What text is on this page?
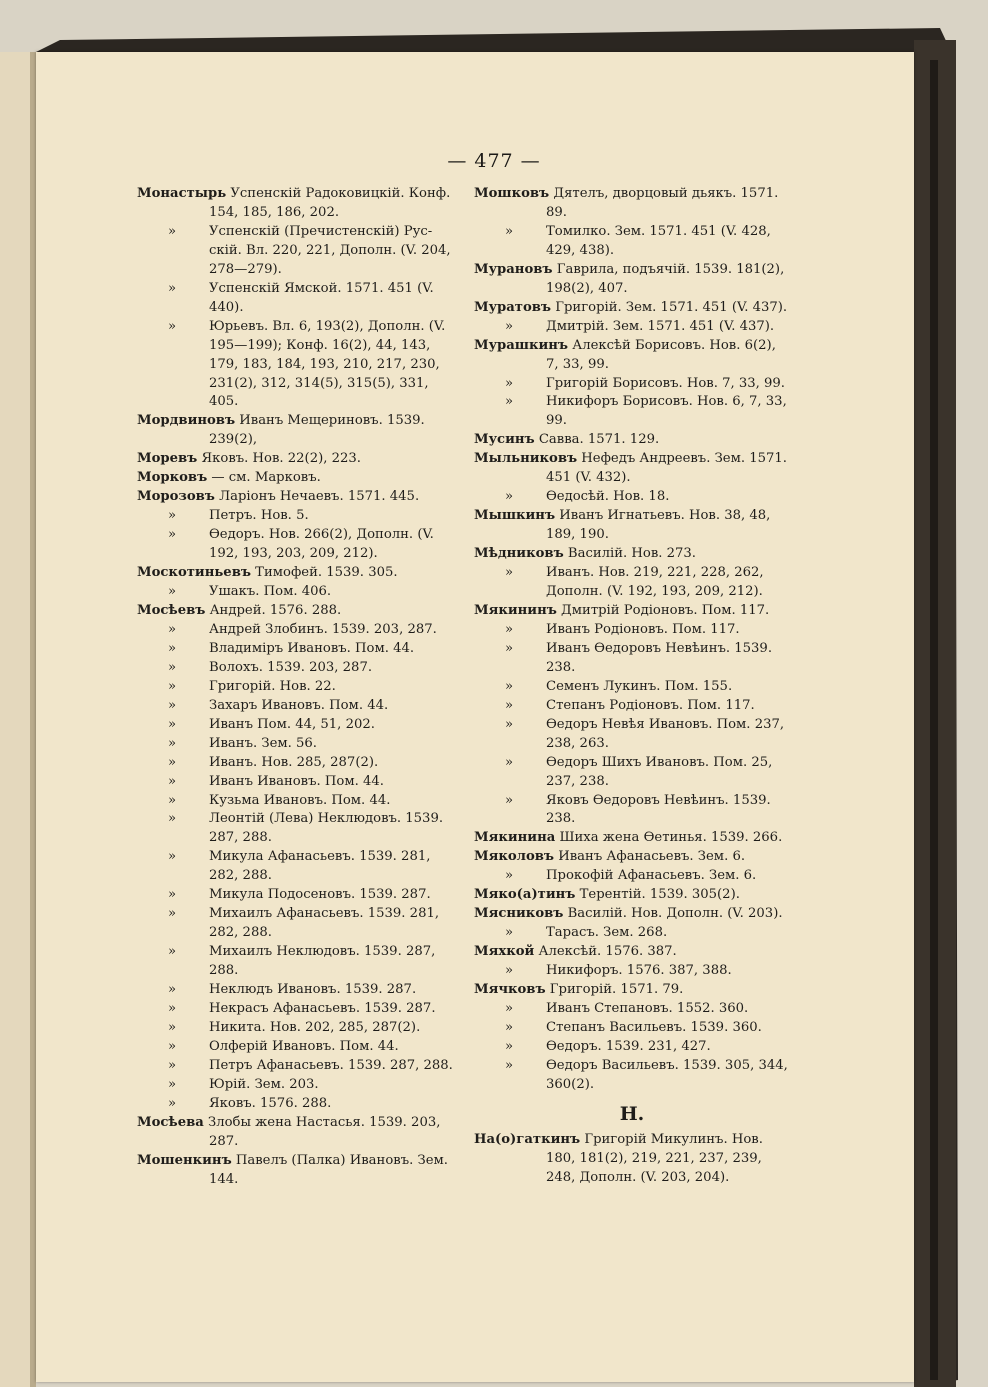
— 477 —

Монастырь Успенскій Радоковицкій. Конф. 154, 185, 186, 202.

» Успенскій (Пречистенскій) Русскій. Вл. 220, 221, Дополн. (V. 204, 278—279).

» Успенскій Ямской. 1571. 451 (V. 440).

» Юрьевъ. Вл. 6, 193(2), Дополн. (V. 195—199); Конф. 16(2), 44, 143, 179, 183, 184, 193, 210, 217, 230, 231(2), 312, 314(5), 315(5), 331, 405.

Мордвиновъ Иванъ Мещериновъ. 1539. 239(2),

Моревъ Яковъ. Нов. 22(2), 223.

Морковъ — см. Марковъ.

Морозовъ Ларіонъ Нечаевъ. 1571. 445.

» Петръ. Нов. 5.

» Өедоръ. Нов. 266(2), Дополн. (V. 192, 193, 203, 209, 212).

Москотиньевъ Тимофей. 1539. 305.

» Ушакъ. Пом. 406.

Мосѣевъ Андрей. 1576. 288.

» Андрей Злобинъ. 1539. 203, 287.

» Владиміръ Ивановъ. Пом. 44.

» Волохъ. 1539. 203, 287.

» Григорій. Нов. 22.

» Захаръ Ивановъ. Пом. 44.

» Иванъ Пом. 44, 51, 202.

» Иванъ. Зем. 56.

» Иванъ. Нов. 285, 287(2).

» Иванъ Ивановъ. Пом. 44.

» Кузьма Ивановъ. Пом. 44.

» Леонтій (Лева) Неклюдовъ. 1539. 287, 288.

» Микула Афанасьевъ. 1539. 281, 282, 288.

» Микула Подосеновъ. 1539. 287.

» Михаилъ Афанасьевъ. 1539. 281, 282, 288.

» Михаилъ Неклюдовъ. 1539. 287, 288.

» Неклюдъ Ивановъ. 1539. 287.

» Некрасъ Афанасьевъ. 1539. 287.

» Никита. Нов. 202, 285, 287(2).

» Олферій Ивановъ. Пом. 44.

» Петръ Афанасьевъ. 1539. 287, 288.

» Юрій. Зем. 203.

» Яковъ. 1576. 288.

Мосѣева Злобы жена Настасья. 1539. 203, 287.

Мошенкинъ Павелъ (Палка) Ивановъ. Зем. 144.

Мошковъ Дятелъ, дворцовый дьякъ. 1571. 89.

» Томилко. Зем. 1571. 451 (V. 428, 429, 438).

Мурановъ Гаврила, подъячій. 1539. 181(2), 198(2), 407.

Муратовъ Григорій. Зем. 1571. 451 (V. 437).

» Дмитрій. Зем. 1571. 451 (V. 437).

Мурашкинъ Алексѣй Борисовъ. Нов. 6(2), 7, 33, 99.

» Григорій Борисовъ. Нов. 7, 33, 99.

» Никифоръ Борисовъ. Нов. 6, 7, 33, 99.

Мусинъ Савва. 1571. 129.

Мыльниковъ Нефедъ Андреевъ. Зем. 1571. 451 (V. 432).

» Өедосѣй. Нов. 18.

Мышкинъ Иванъ Игнатьевъ. Нов. 38, 48, 189, 190.

Мѣдниковъ Василій. Нов. 273.

» Иванъ. Нов. 219, 221, 228, 262, Дополн. (V. 192, 193, 209, 212).

Мякининъ Дмитрій Родіоновъ. Пом. 117.

» Иванъ Родіоновъ. Пом. 117.

» Иванъ Өедоровъ Невѣинъ. 1539. 238.

» Семенъ Лукинъ. Пом. 155.

» Степанъ Родіоновъ. Пом. 117.

» Өедоръ Невѣя Ивановъ. Пом. 237, 238, 263.

» Өедоръ Шихъ Ивановъ. Пом. 25, 237, 238.

» Яковъ Өедоровъ Невѣинъ. 1539. 238.

Мякинина Шиха жена Өетинья. 1539. 266.

Мяколовъ Иванъ Афанасьевъ. Зем. 6.

» Прокофій Афанасьевъ. Зем. 6.

Мяко(а)тинъ Терентій. 1539. 305(2).

Мясниковъ Василій. Нов. Дополн. (V. 203).

» Тарасъ. Зем. 268.

Мяхкой Алексѣй. 1576. 387.

» Никифоръ. 1576. 387, 388.

Мячковъ Григорій. 1571. 79.

» Иванъ Степановъ. 1552. 360.

» Степанъ Васильевъ. 1539. 360.

» Өедоръ. 1539. 231, 427.

» Өедоръ Васильевъ. 1539. 305, 344, 360(2).

Н.

На(о)гаткинъ Григорій Микулинъ. Нов. 180, 181(2), 219, 221, 237, 239, 248, Дополн. (V. 203, 204).
